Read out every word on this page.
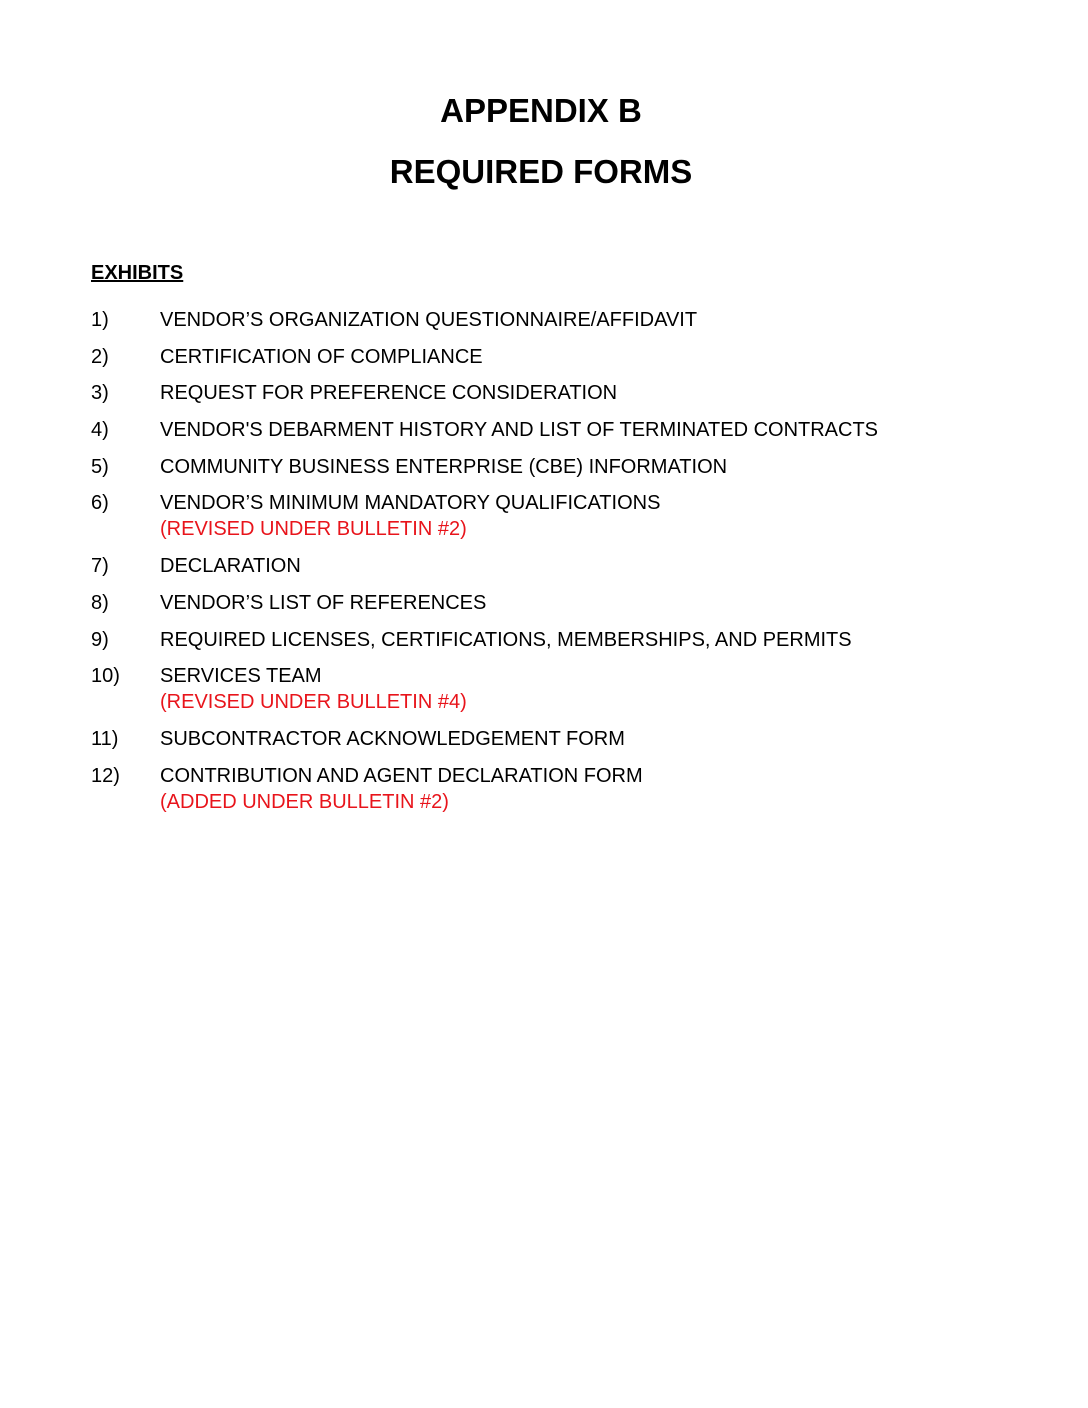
APPENDIX B
REQUIRED FORMS
EXHIBITS
1)	VENDOR’S ORGANIZATION QUESTIONNAIRE/AFFIDAVIT
2)	CERTIFICATION OF COMPLIANCE
3)	REQUEST FOR PREFERENCE CONSIDERATION
4)	VENDOR'S DEBARMENT HISTORY AND LIST OF TERMINATED CONTRACTS
5)	COMMUNITY BUSINESS ENTERPRISE (CBE) INFORMATION
6)	VENDOR’S MINIMUM MANDATORY QUALIFICATIONS
(REVISED UNDER BULLETIN #2)
7)	DECLARATION
8)	VENDOR’S LIST OF REFERENCES
9)	REQUIRED LICENSES, CERTIFICATIONS, MEMBERSHIPS, AND PERMITS
10)	SERVICES TEAM
(REVISED UNDER BULLETIN #4)
11)	SUBCONTRACTOR ACKNOWLEDGEMENT FORM
12)	CONTRIBUTION AND AGENT DECLARATION FORM
(ADDED UNDER BULLETIN #2)
